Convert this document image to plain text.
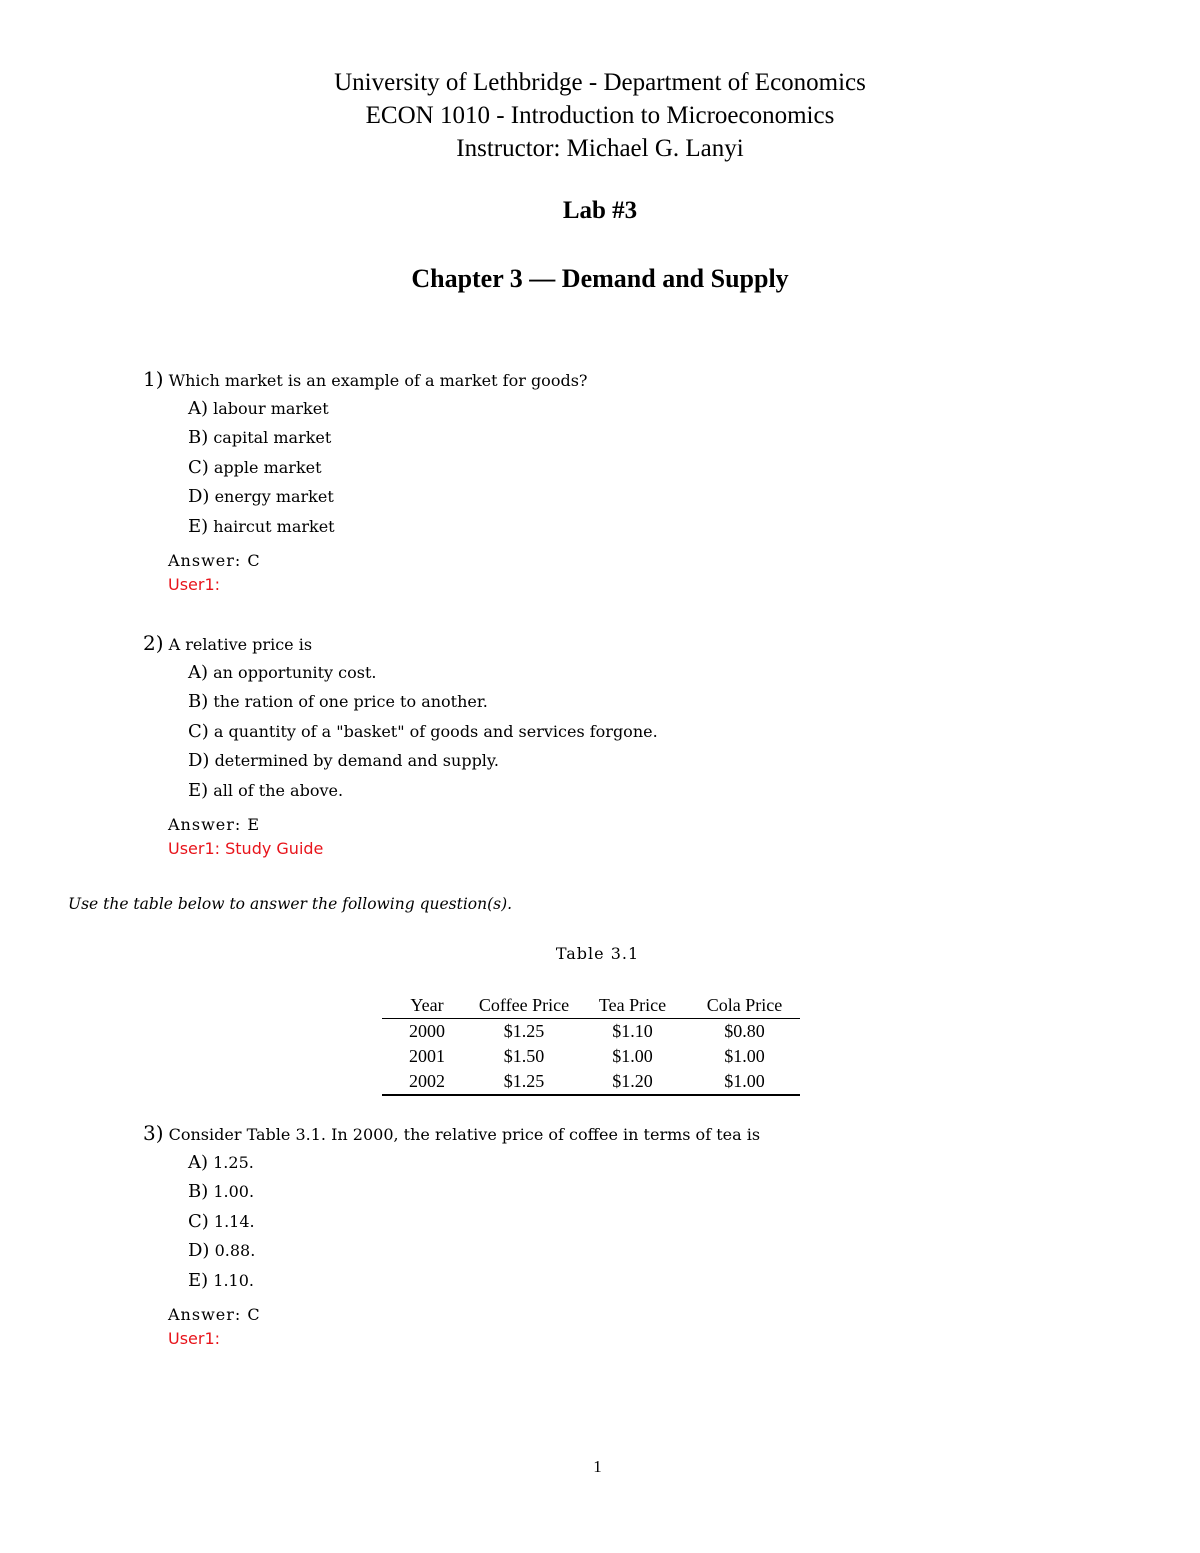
University of Lethbridge - Department of Economics
ECON 1010 - Introduction to Microeconomics
Instructor: Michael G. Lanyi
Lab #3
Chapter 3 — Demand and Supply
1) Which market is an example of a market for goods?
A) labour market
B) capital market
C) apple market
D) energy market
E) haircut market
Answer: C
User1:
2) A relative price is
A) an opportunity cost.
B) the ration of one price to another.
C) a quantity of a "basket" of goods and services forgone.
D) determined by demand and supply.
E) all of the above.
Answer: E
User1: Study Guide
Use the table below to answer the following question(s).
Table 3.1
Year	Coffee Price	Tea Price	Cola Price
2000	$1.25	$1.10	$0.80
2001	$1.50	$1.00	$1.00
2002	$1.25	$1.20	$1.00
3) Consider Table 3.1. In 2000, the relative price of coffee in terms of tea is
A) 1.25.
B) 1.00.
C) 1.14.
D) 0.88.
E) 1.10.
Answer: C
User1:
1
